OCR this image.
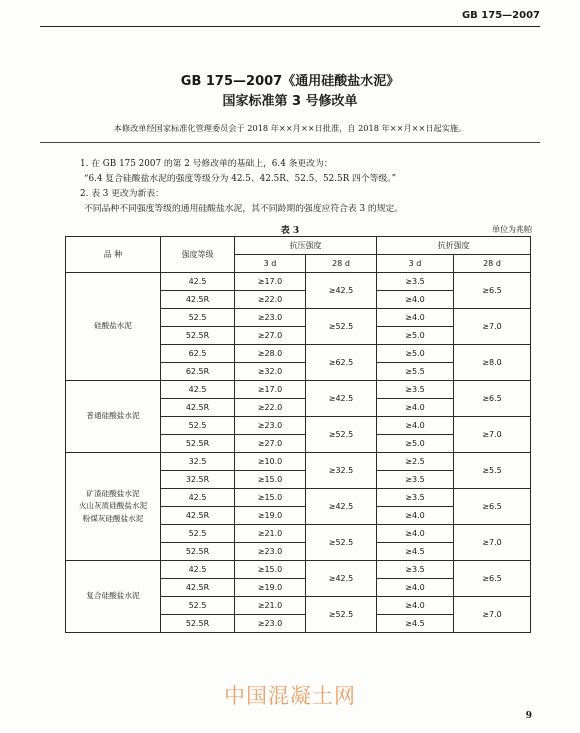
GB 175—2007
GB 175—2007《通用硅酸盐水泥》
国家标准第 3 号修改单
本修改单经国家标准化管理委员会于 2018 年××月××日批准，自 2018 年××月××日起实施。
1. 在 GB 175 2007 的第 2 号修改单的基础上，6.4 条更改为：
“6.4 复合硅酸盐水泥的强度等级分为 42.5、42.5R、52.5、52.5R 四个等级。”
2. 表 3 更改为新表：
不同品种不同强度等级的通用硅酸盐水泥，其不同龄期的强度应符合表 3 的规定。
表 3	单位为兆帕
品 种	强度等级	抗压强度		抗折强度	
		3 d	28 d	3 d	28 d
硅酸盐水泥	42.5	≥17.0	≥42.5	≥3.5	≥6.5
	42.5R	≥22.0		≥4.0	
	52.5	≥23.0	≥52.5	≥4.0	≥7.0
	52.5R	≥27.0		≥5.0	
	62.5	≥28.0	≥62.5	≥5.0	≥8.0
	62.5R	≥32.0		≥5.5	
普通硅酸盐水泥	42.5	≥17.0	≥42.5	≥3.5	≥6.5
	42.5R	≥22.0		≥4.0	
	52.5	≥23.0	≥52.5	≥4.0	≥7.0
	52.5R	≥27.0		≥5.0	
矿渣硅酸盐水泥
火山灰质硅酸盐水泥
粉煤灰硅酸盐水泥	32.5	≥10.0	≥32.5	≥2.5	≥5.5
	32.5R	≥15.0		≥3.5	
	42.5	≥15.0	≥42.5	≥3.5	≥6.5
	42.5R	≥19.0		≥4.0	
	52.5	≥21.0	≥52.5	≥4.0	≥7.0
	52.5R	≥23.0		≥4.5	
复合硅酸盐水泥	42.5	≥15.0	≥42.5	≥3.5	≥6.5
	42.5R	≥19.0		≥4.0	
	52.5	≥21.0	≥52.5	≥4.0	≥7.0
	52.5R	≥23.0		≥4.5	
中国混凝土网
9
